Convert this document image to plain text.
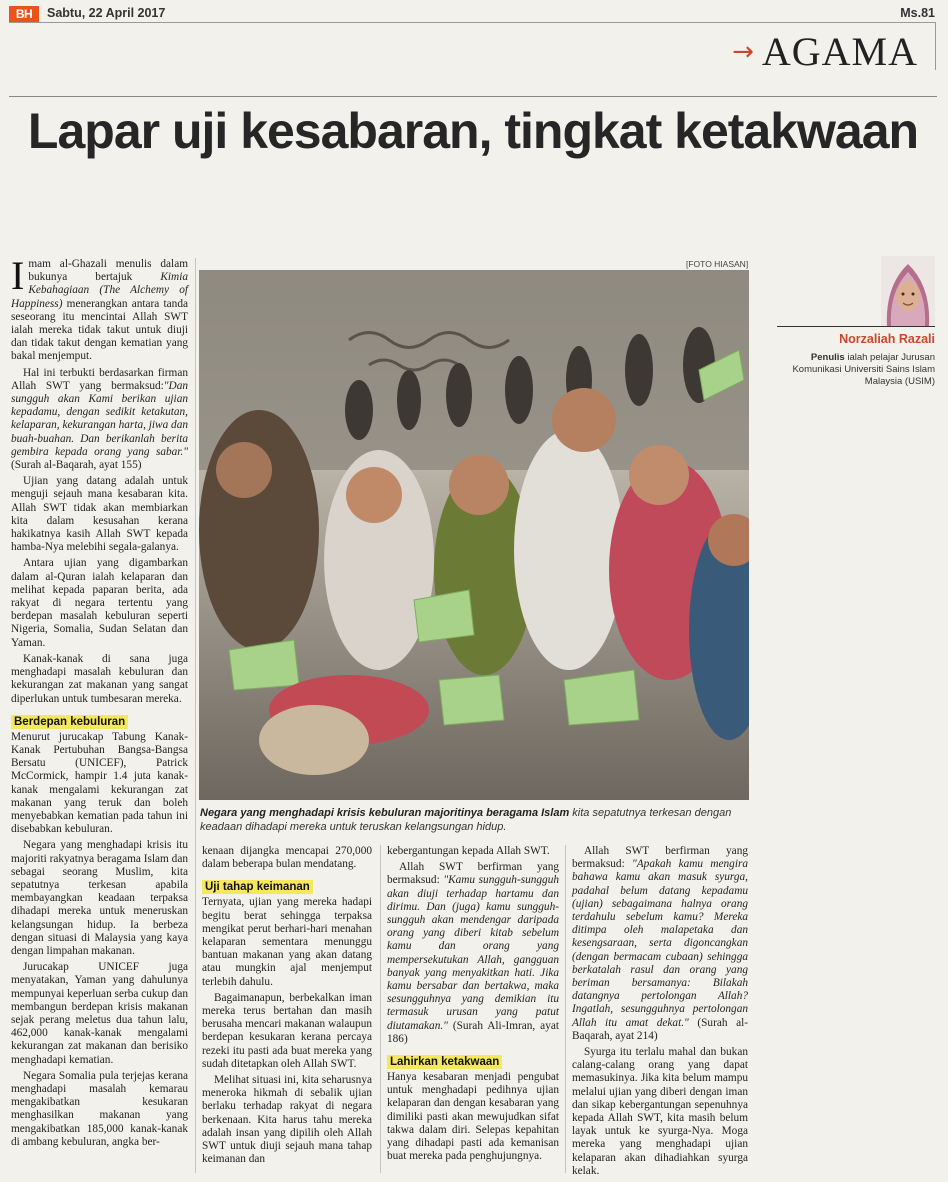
BH	Sabtu, 22 April 2017	Ms.81
→ AGAMA
Lapar uji kesabaran, tingkat ketakwaan

Imam al-Ghazali menulis dalam bukunya bertajuk Kimia Kebahagiaan (The Alchemy of Happiness) menerangkan antara tanda seseorang itu mencintai Allah SWT ialah mereka tidak takut untuk diuji dan tidak takut dengan kematian yang bakal menjemput.

Hal ini terbukti berdasarkan firman Allah SWT yang bermaksud:"Dan sungguh akan Kami berikan ujian kepadamu, dengan sedikit ketakutan, kelaparan, kekurangan harta, jiwa dan buah-buahan. Dan berikanlah berita gembira kepada orang yang sabar." (Surah al-Baqarah, ayat 155)

Ujian yang datang adalah untuk menguji sejauh mana kesabaran kita. Allah SWT tidak akan membiarkan kita dalam kesusahan kerana hakikatnya kasih Allah SWT kepada hamba-Nya melebihi segala-galanya.

Antara ujian yang digambarkan dalam al-Quran ialah kelaparan dan melihat kepada paparan berita, ada rakyat di negara tertentu yang berdepan masalah kebuluran seperti Nigeria, Somalia, Sudan Selatan dan Yaman.

Kanak-kanak di sana juga menghadapi masalah kebuluran dan kekurangan zat makanan yang sangat diperlukan untuk tumbesaran mereka.

Berdepan kebuluran

Menurut jurucakap Tabung Kanak-Kanak Pertubuhan Bangsa-Bangsa Bersatu (UNICEF), Patrick McCormick, hampir 1.4 juta kanak-kanak mengalami kekurangan zat makanan yang teruk dan boleh menyebabkan kematian pada tahun ini disebabkan kebuluran.

Negara yang menghadapi krisis itu majoriti rakyatnya beragama Islam dan sebagai seorang Muslim, kita sepatutnya terkesan apabila membayangkan keadaan terpaksa dihadapi mereka untuk meneruskan kelangsungan hidup. Ia berbeza dengan situasi di Malaysia yang kaya dengan limpahan makanan.

Jurucakap UNICEF juga menyatakan, Yaman yang dahulunya mempunyai keperluan serba cukup dan membangun berdepan krisis makanan sejak perang meletus dua tahun lalu, 462,000 kanak-kanak mengalami kekurangan zat makanan dan berisiko menghadapi kematian.

Negara Somalia pula terjejas kerana menghadapi masalah kemarau mengakibatkan kesukaran menghasilkan makanan yang mengakibatkan 185,000 kanak-kanak di ambang kebuluran, angka ber-

[FOTO HIASAN]
Negara yang menghadapi krisis kebuluran majoritinya beragama Islam kita sepatutnya terkesan dengan keadaan dihadapi mereka untuk teruskan kelangsungan hidup.

kenaan dijangka mencapai 270,000 dalam beberapa bulan mendatang.

Uji tahap keimanan

Ternyata, ujian yang mereka hadapi begitu berat sehingga terpaksa mengikat perut berhari-hari menahan kelaparan sementara menunggu bantuan makanan yang akan datang atau mungkin ajal menjemput terlebih dahulu.

Bagaimanapun, berbekalkan iman mereka terus bertahan dan masih berusaha mencari makanan walaupun berdepan kesukaran kerana percaya rezeki itu pasti ada buat mereka yang sudah ditetapkan oleh Allah SWT.

Melihat situasi ini, kita seharusnya meneroka hikmah di sebalik ujian berlaku terhadap rakyat di negara berkenaan. Kita harus tahu mereka adalah insan yang dipilih oleh Allah SWT untuk diuji sejauh mana tahap keimanan dan

kebergantungan kepada Allah SWT.

Allah SWT berfirman yang bermaksud: "Kamu sungguh-sungguh akan diuji terhadap hartamu dan dirimu. Dan (juga) kamu sungguh-sungguh akan mendengar daripada orang yang diberi kitab sebelum kamu dan orang yang mempersekutukan Allah, gangguan banyak yang menyakitkan hati. Jika kamu bersabar dan bertakwa, maka sesungguhnya yang demikian itu termasuk urusan yang patut diutamakan." (Surah Ali-Imran, ayat 186)

Lahirkan ketakwaan

Hanya kesabaran menjadi pengubat untuk menghadapi pedihnya ujian kelaparan dan dengan kesabaran yang dimiliki pasti akan mewujudkan sifat takwa dalam diri. Selepas kepahitan yang dihadapi pasti ada kemanisan buat mereka pada penghujungnya.

Allah SWT berfirman yang bermaksud: "Apakah kamu mengira bahawa kamu akan masuk syurga, padahal belum datang kepadamu (ujian) sebagaimana halnya orang terdahulu sebelum kamu? Mereka ditimpa oleh malapetaka dan kesengsaraan, serta digoncangkan (dengan bermacam cubaan) sehingga berkatalah rasul dan orang yang beriman bersamanya: Bilakah datangnya pertolongan Allah? Ingatlah, sesungguhnya pertolongan Allah itu amat dekat." (Surah al-Baqarah, ayat 214)

Syurga itu terlalu mahal dan bukan calang-calang orang yang dapat memasukinya. Jika kita belum mampu melalui ujian yang diberi dengan iman dan sikap kebergantungan sepenuhnya kepada Allah SWT, kita masih belum layak untuk ke syurga-Nya. Moga mereka yang menghadapi ujian kelaparan akan dihadiahkan syurga kelak.

Norzaliah Razali
Penulis ialah pelajar Jurusan Komunikasi Universiti Sains Islam Malaysia (USIM)
